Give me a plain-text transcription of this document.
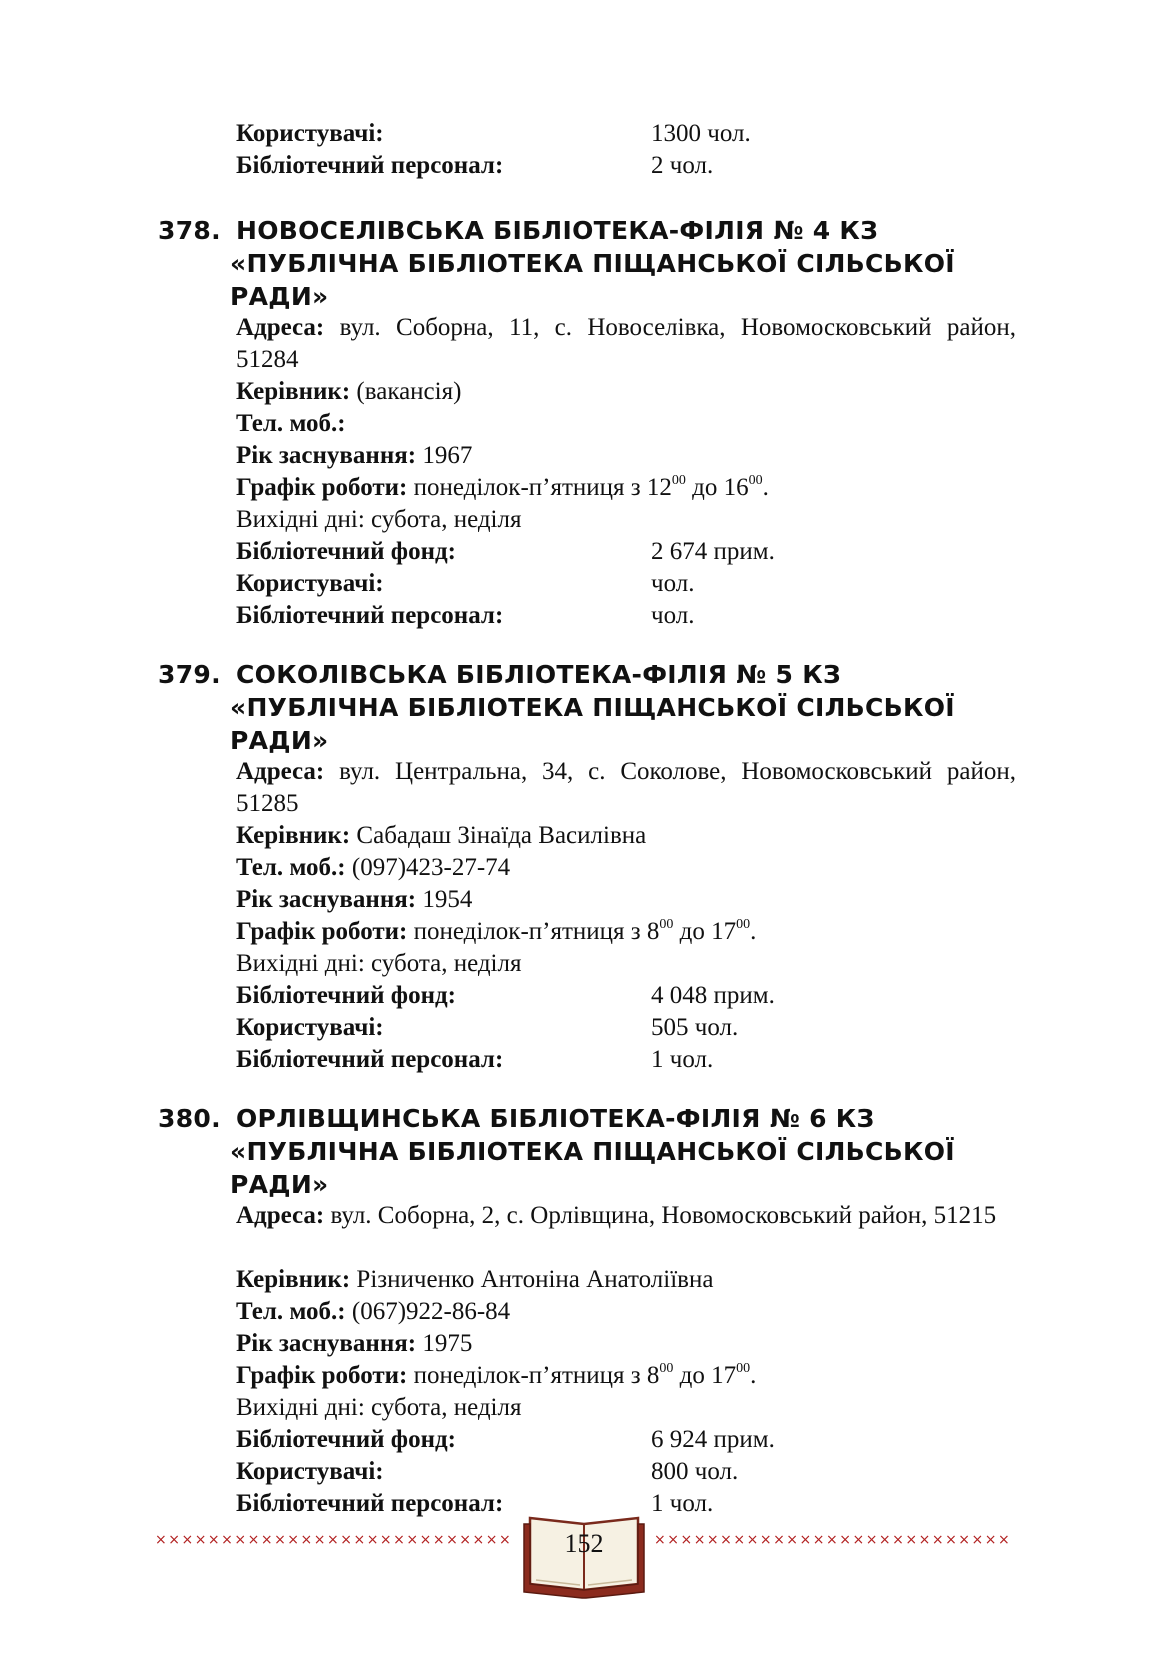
Користувачі:	1300 чол.
Бібліотечний персонал:	2 чол.
378. НОВОСЕЛІВСЬКА БІБЛІОТЕКА-ФІЛІЯ № 4 КЗ
«ПУБЛІЧНА БІБЛІОТЕКА ПІЩАНСЬКОЇ СІЛЬСЬКОЇ
РАДИ»
Адреса: вул. Соборна, 11, с. Новоселівка, Новомосковський район, 51284
Керівник: (вакансія)
Тел. моб.:
Рік заснування: 1967
Графік роботи: понеділок-п’ятниця з $12^{00}$ до $16^{00}$.
Вихідні дні: субота, неділя
Бібліотечний фонд:	2 674 прим.
Користувачі:	чол.
Бібліотечний персонал:	чол.
379. СОКОЛІВСЬКА БІБЛІОТЕКА-ФІЛІЯ № 5 КЗ
«ПУБЛІЧНА БІБЛІОТЕКА ПІЩАНСЬКОЇ СІЛЬСЬКОЇ
РАДИ»
Адреса: вул. Центральна, 34, с. Соколове, Новомосковський район, 51285
Керівник: Сабадаш Зінаїда Василівна
Тел. моб.: (097)423-27-74
Рік заснування: 1954
Графік роботи: понеділок-п’ятниця з $8^{00}$ до $17^{00}$.
Вихідні дні: субота, неділя
Бібліотечний фонд:	4 048 прим.
Користувачі:	505 чол.
Бібліотечний персонал:	1 чол.
380. ОРЛІВЩИНСЬКА БІБЛІОТЕКА-ФІЛІЯ № 6 КЗ
«ПУБЛІЧНА БІБЛІОТЕКА ПІЩАНСЬКОЇ СІЛЬСЬКОЇ
РАДИ»
Адреса: вул. Соборна, 2, с. Орлівщина, Новомосковський район, 51215
Керівник: Різниченко Антоніна Анатоліївна
Тел. моб.: (067)922-86-84
Рік заснування: 1975
Графік роботи: понеділок-п’ятниця з $8^{00}$ до $17^{00}$.
Вихідні дні: субота, неділя
Бібліотечний фонд:	6 924 прим.
Користувачі:	800 чол.
Бібліотечний персонал:	1 чол.
×××××××××××××××××××××××××××	×××××××××××××××××××××××××××
152
